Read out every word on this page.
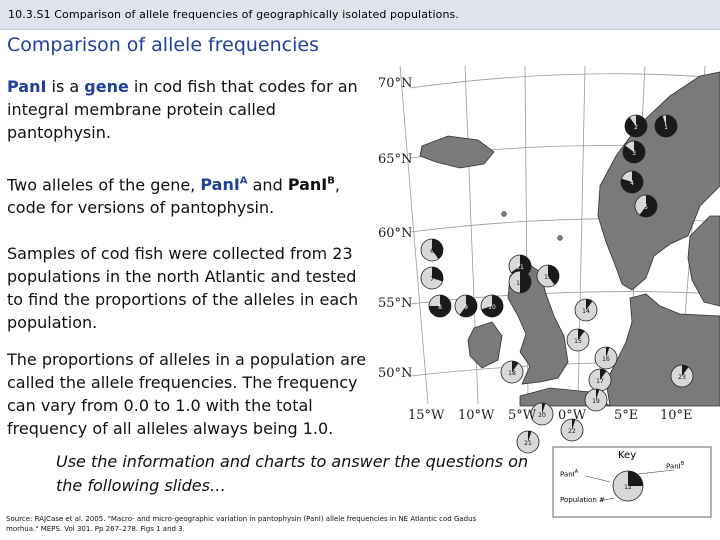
10.3.S1 Comparison of allele frequencies of geographically isolated populations.
Comparison of allele frequencies
PanI is a gene in cod fish that codes for an integral membrane protein called pantophysin.
Two alleles of the gene, PanI$^A$ and PanI$^B$, code for versions of pantophysin.
Samples of cod fish were collected from 23 populations in the north Atlantic and tested to find the proportions of the alleles in each population.
The proportions of alleles in a population are called the allele frequencies. The frequency can vary from 0.0 to 1.0 with the total frequency of all alleles always being 1.0.
Use the information and charts to answer the questions on the following slides…
Source: RAJCase et al. 2005. "Macro- and micro-geographic variation in pantophysin (PanI) allele frequencies in NE Atlantic cod Gadus morhua." MEPS. Vol 301. Pp 267–278. Figs 1 and 3.
1
2
3
4
5
6
7
8	9	10
11
12
13
14
15
16
17
18
19
20
21
22
23
70°N
65°N
60°N
55°N
50°N
15°W 10°W 5°W 0°W 5°E 10°E
12
Key
PanI$^A$
PanI$^B$
Population #
